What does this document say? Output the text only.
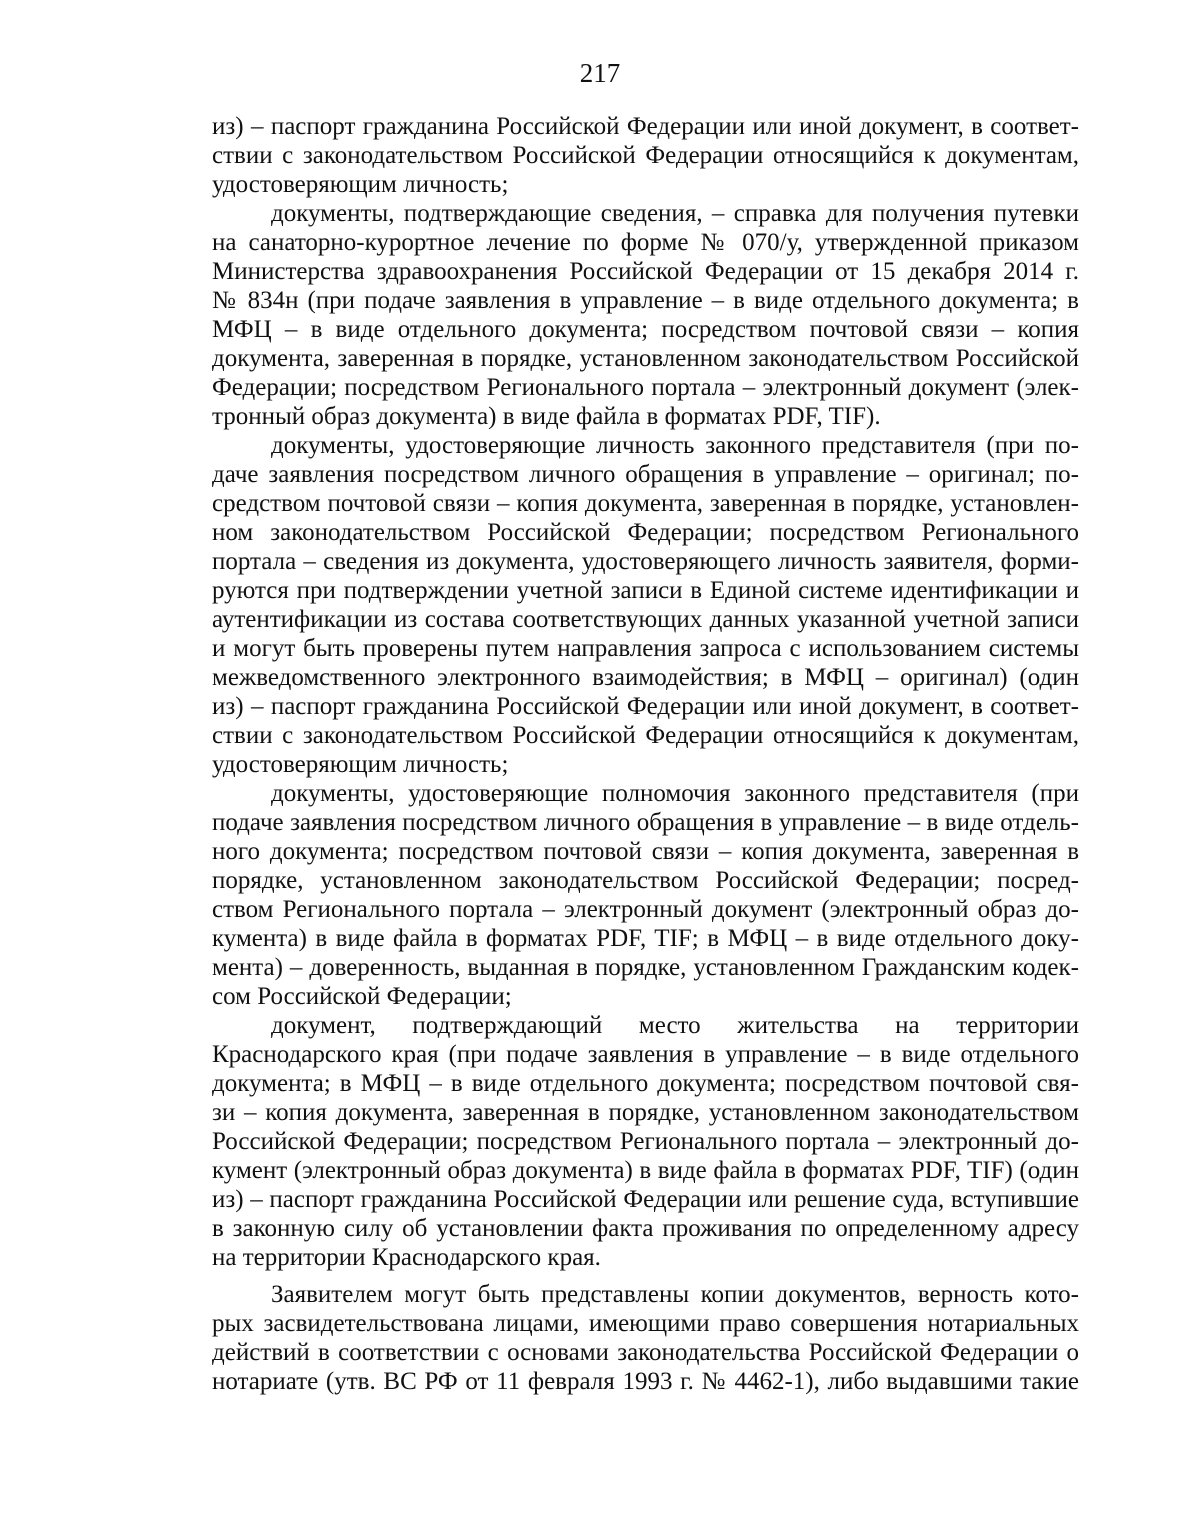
217
из) – паспорт гражданина Российской Федерации или иной документ, в соответ-
ствии с законодательством Российской Федерации относящийся к документам,
удостоверяющим личность;
документы, подтверждающие сведения, – справка для получения путевки
на санаторно-курортное лечение по форме № 070/у, утвержденной приказом
Министерства здравоохранения Российской Федерации от 15 декабря 2014 г.
№ 834н (при подаче заявления в управление – в виде отдельного документа; в
МФЦ – в виде отдельного документа; посредством почтовой связи – копия
документа, заверенная в порядке, установленном законодательством Российской
Федерации; посредством Регионального портала – электронный документ (элек-
тронный образ документа) в виде файла в форматах PDF, TIF).
документы, удостоверяющие личность законного представителя (при по-
даче заявления посредством личного обращения в управление – оригинал; по-
средством почтовой связи – копия документа, заверенная в порядке, установлен-
ном законодательством Российской Федерации; посредством Регионального
портала – сведения из документа, удостоверяющего личность заявителя, форми-
руются при подтверждении учетной записи в Единой системе идентификации и
аутентификации из состава соответствующих данных указанной учетной записи
и могут быть проверены путем направления запроса с использованием системы
межведомственного электронного взаимодействия; в МФЦ – оригинал) (один
из) – паспорт гражданина Российской Федерации или иной документ, в соответ-
ствии с законодательством Российской Федерации относящийся к документам,
удостоверяющим личность;
документы, удостоверяющие полномочия законного представителя (при
подаче заявления посредством личного обращения в управление – в виде отдель-
ного документа; посредством почтовой связи – копия документа, заверенная в
порядке, установленном законодательством Российской Федерации; посред-
ством Регионального портала – электронный документ (электронный образ до-
кумента) в виде файла в форматах PDF, TIF; в МФЦ – в виде отдельного доку-
мента) – доверенность, выданная в порядке, установленном Гражданским кодек-
сом Российской Федерации;
документ, подтверждающий место жительства на территории
Краснодарского края (при подаче заявления в управление – в виде отдельного
документа; в МФЦ – в виде отдельного документа; посредством почтовой свя-
зи – копия документа, заверенная в порядке, установленном законодательством
Российской Федерации; посредством Регионального портала – электронный до-
кумент (электронный образ документа) в виде файла в форматах PDF, TIF) (один
из) – паспорт гражданина Российской Федерации или решение суда, вступившие
в законную силу об установлении факта проживания по определенному адресу
на территории Краснодарского края.
Заявителем могут быть представлены копии документов, верность кото-
рых засвидетельствована лицами, имеющими право совершения нотариальных
действий в соответствии с основами законодательства Российской Федерации о
нотариате (утв. ВС РФ от 11 февраля 1993 г. № 4462-1), либо выдавшими такие
